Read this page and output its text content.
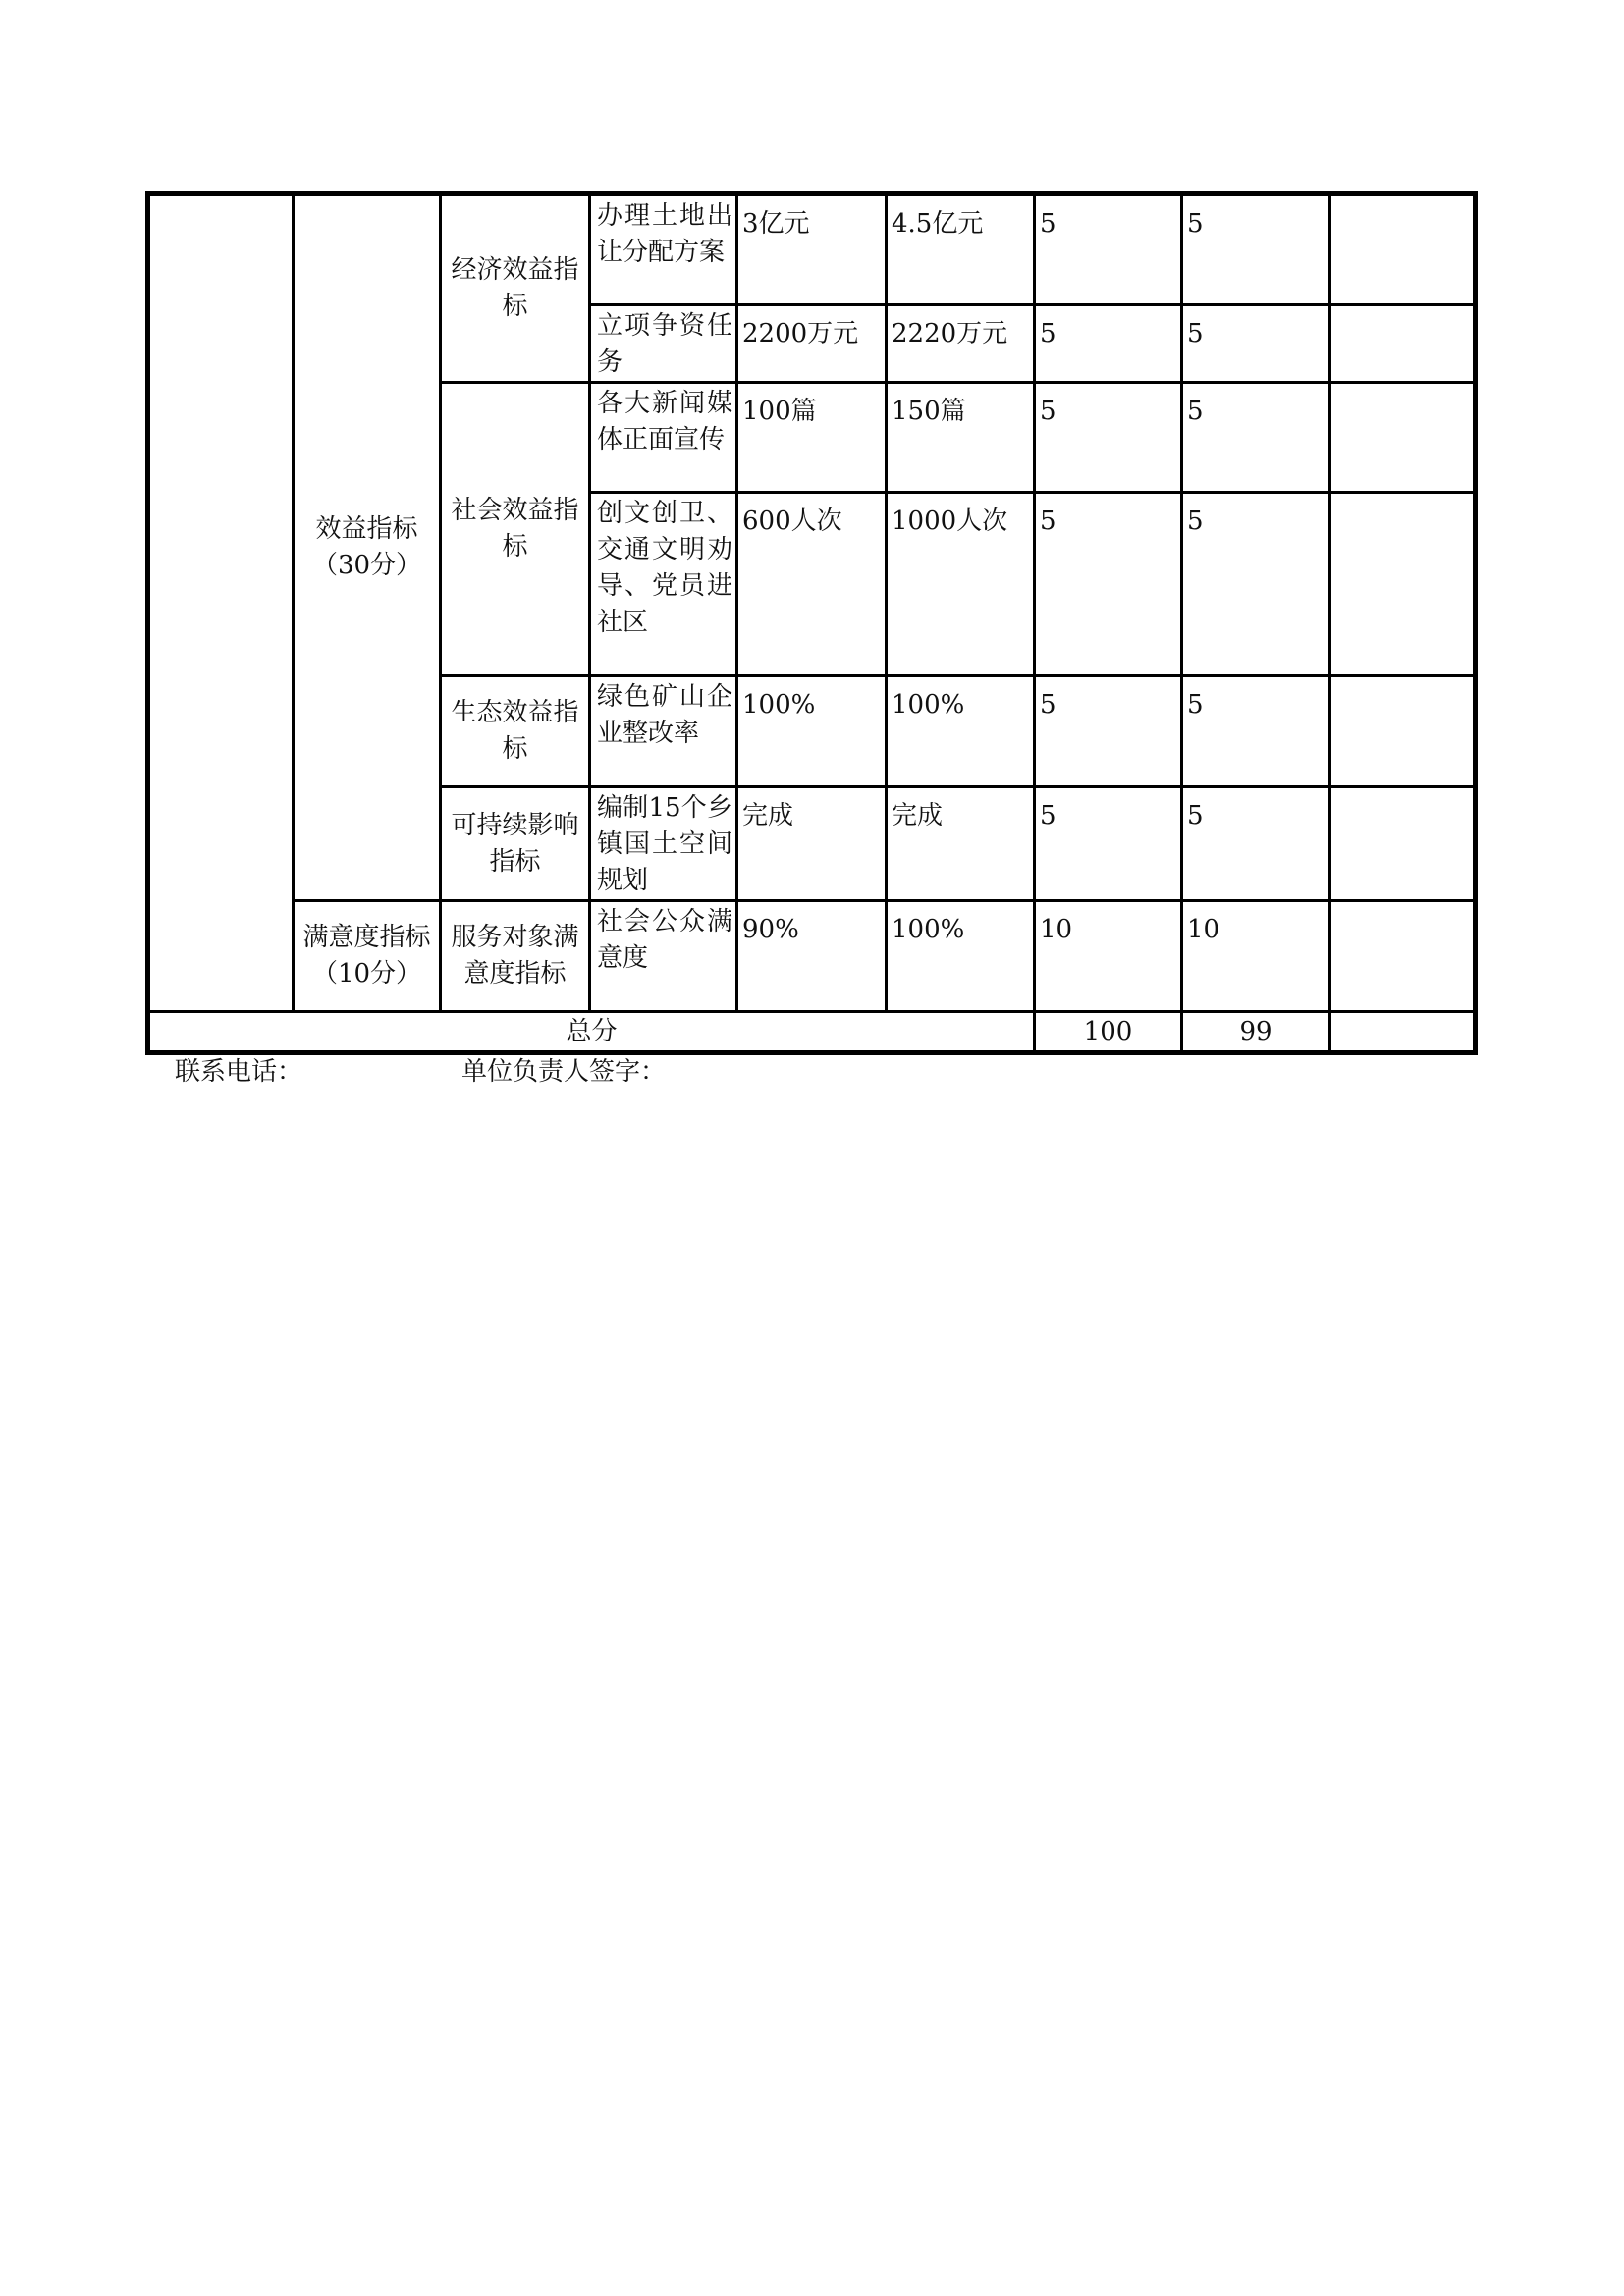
	效益指标（30分）	经济效益指标	办理土地出让分配方案	3亿元	4.5亿元	5	5	
			立项争资任务	2200万元	2220万元	5	5	
		社会效益指标	各大新闻媒体正面宣传	100篇	150篇	5	5	
			创文创卫、交通文明劝导、党员进社区	600人次	1000人次	5	5	
		生态效益指标	绿色矿山企业整改率	100%	100%	5	5	
		可持续影响指标	编制15个乡镇国土空间规划	完成	完成	5	5	
	满意度指标（10分）	服务对象满意度指标	社会公众满意度	90%	100%	10	10	
总分						100	99	
联系电话：	单位负责人签字：
